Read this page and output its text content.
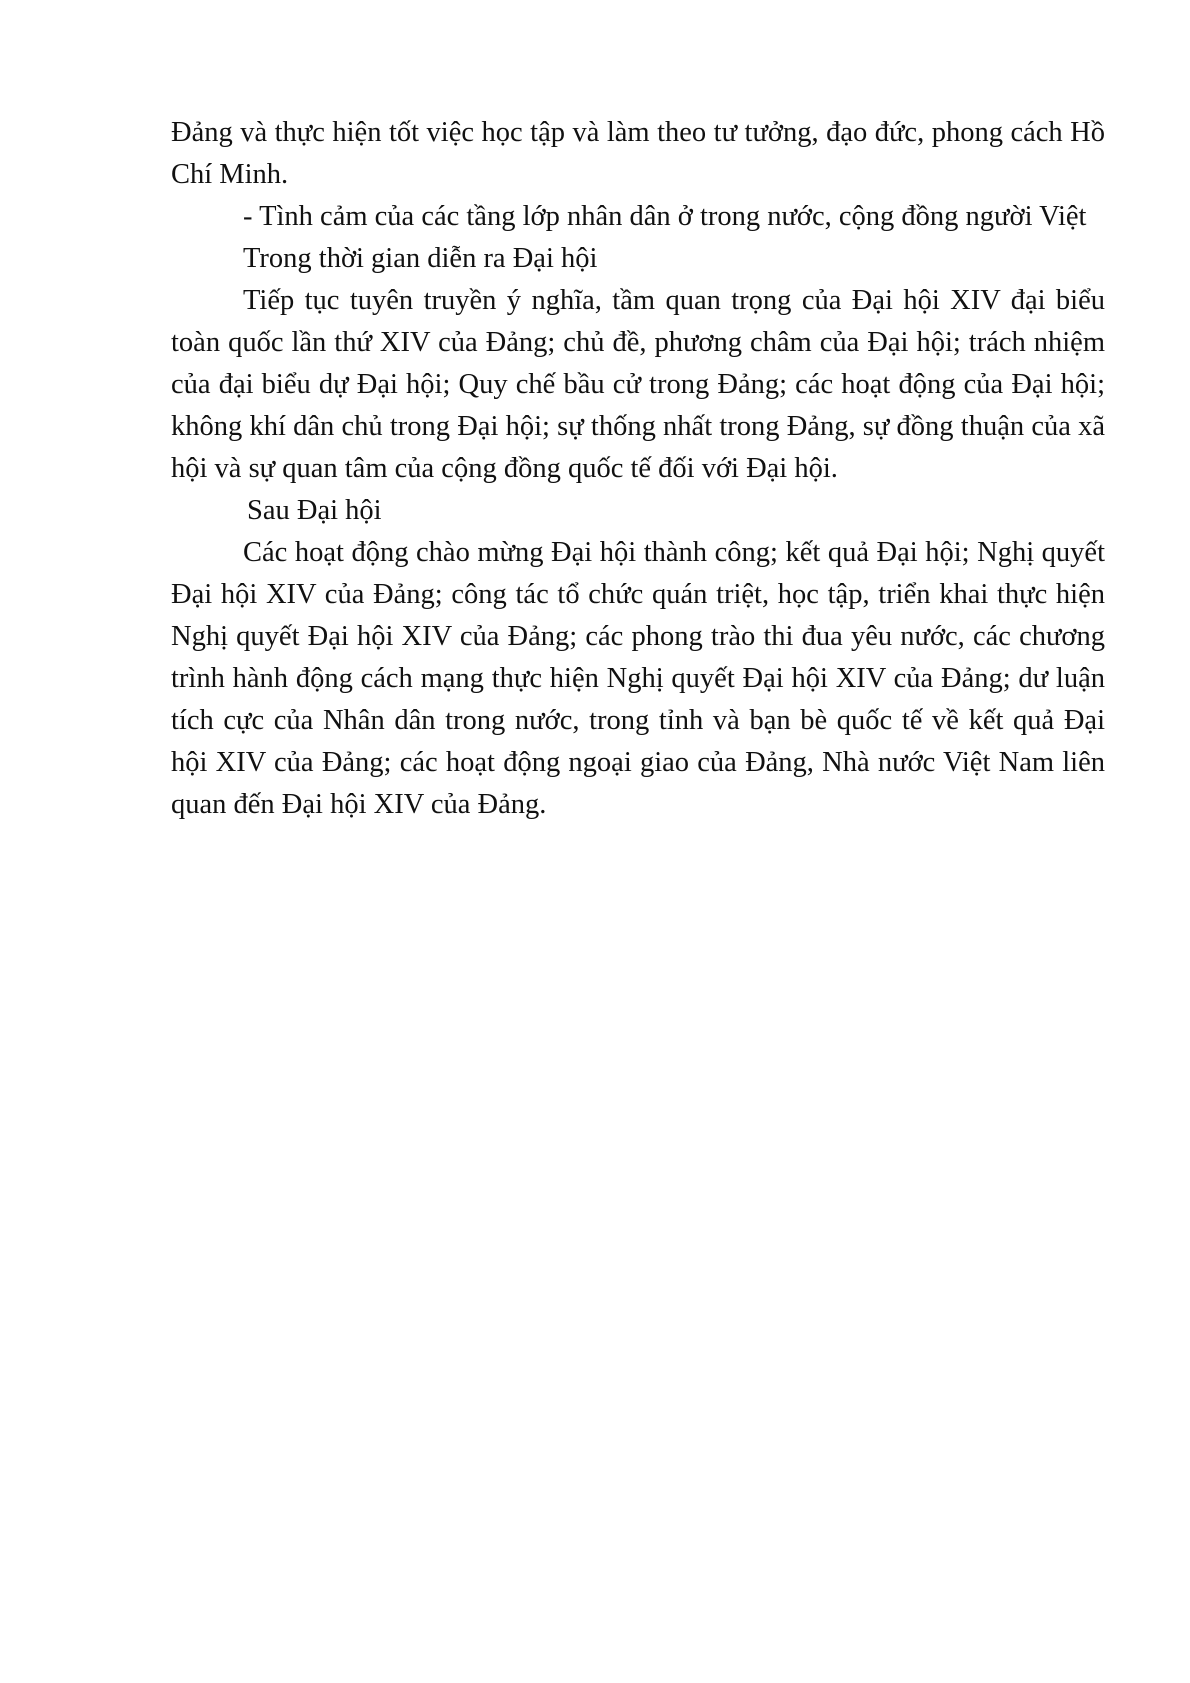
Đảng và thực hiện tốt việc học tập và làm theo tư tưởng, đạo đức, phong cách Hồ Chí Minh.

- Tình cảm của các tầng lớp nhân dân ở trong nước, cộng đồng người Việt

Trong thời gian diễn ra Đại hội

Tiếp tục tuyên truyền ý nghĩa, tầm quan trọng của Đại hội XIV đại biểu toàn quốc lần thứ XIV của Đảng; chủ đề, phương châm của Đại hội; trách nhiệm của đại biểu dự Đại hội; Quy chế bầu cử trong Đảng; các hoạt động của Đại hội; không khí dân chủ trong Đại hội; sự thống nhất trong Đảng, sự đồng thuận của xã hội và sự quan tâm của cộng đồng quốc tế đối với Đại hội.

Sau Đại hội

Các hoạt động chào mừng Đại hội thành công; kết quả Đại hội; Nghị quyết Đại hội XIV của Đảng; công tác tổ chức quán triệt, học tập, triển khai thực hiện Nghị quyết Đại hội XIV của Đảng; các phong trào thi đua yêu nước, các chương trình hành động cách mạng thực hiện Nghị quyết Đại hội XIV của Đảng; dư luận tích cực của Nhân dân trong nước, trong tỉnh và bạn bè quốc tế về kết quả Đại hội XIV của Đảng; các hoạt động ngoại giao của Đảng, Nhà nước Việt Nam liên quan đến Đại hội XIV của Đảng.
